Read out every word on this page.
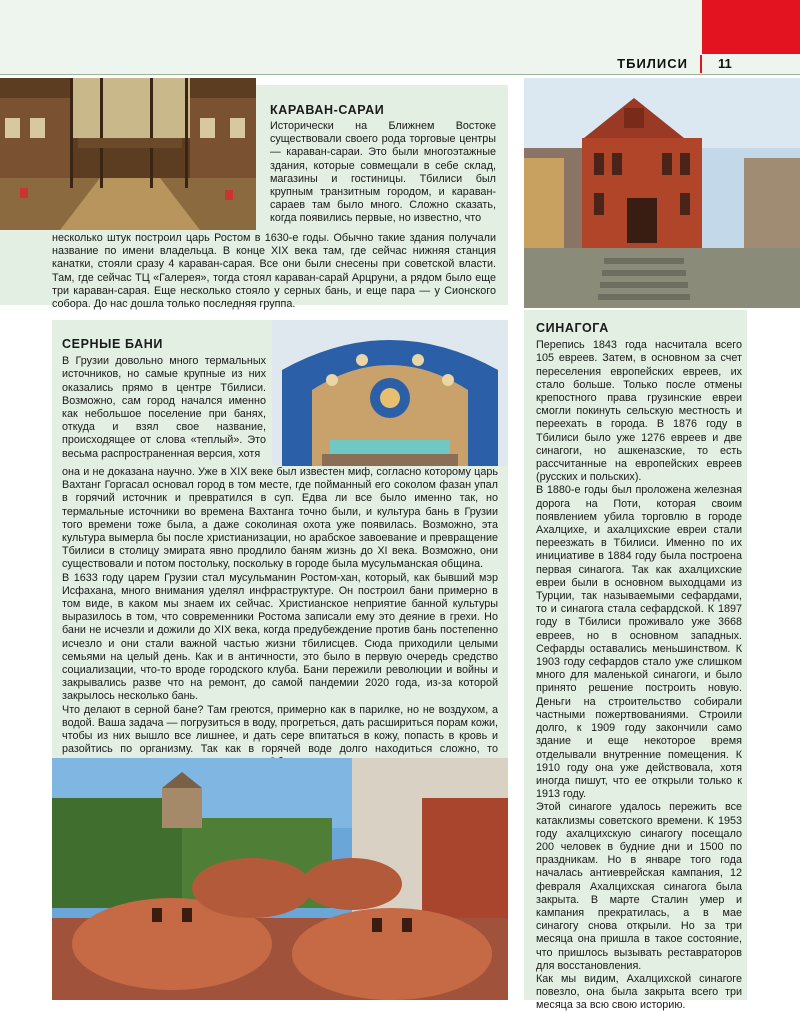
ТБИЛИСИ 11
КАРАВАН-САРАИ

Исторически на Ближнем Востоке существовали своего рода торговые центры — караван-сараи. Это были многоэтажные здания, которые совмещали в себе склад, магазины и гостиницы. Тбилиси был крупным транзитным городом, и караван-сараев там было много. Сложно сказать, когда появились первые, но известно, что

несколько штук построил царь Ростом в 1630-е годы. Обычно такие здания получали название по имени владельца. В конце XIX века там, где сейчас нижняя станция канатки, стояли сразу 4 караван-сарая. Все они были снесены при советской власти. Там, где сейчас ТЦ «Галерея», тогда стоял караван-сарай Арцруни, а рядом было еще три караван-сарая. Еще несколько стояло у серных бань, и еще пара — у Сионского собора. До нас дошла только последняя группа.

СЕРНЫЕ БАНИ

В Грузии довольно много термальных источников, но самые крупные из них оказались прямо в центре Тбилиси. Возможно, сам город начался именно как небольшое поселение при банях, откуда и взял свое название, происходящее от слова «теплый». Это весьма распространенная версия, хотя

она и не доказана научно. Уже в XIX веке был известен миф, согласно которому царь Вахтанг Горгасал основал город в том месте, где пойманный его соколом фазан упал в горячий источник и превратился в суп. Едва ли все было именно так, но термальные источники во времена Вахтанга точно были, и культура бань в Грузии того времени тоже была, а даже соколиная охота уже появилась. Возможно, эта культура вымерла бы после христианизации, но арабское завоевание и превращение Тбилиси в столицу эмирата явно продлило баням жизнь до XI века. Возможно, они существовали и потом постольку, поскольку в городе была мусульманская община.

В 1633 году царем Грузии стал мусульманин Ростом-хан, который, как бывший мэр Исфахана, много внимания уделял инфраструктуре. Он построил бани примерно в том виде, в каком мы знаем их сейчас. Христианское неприятие банной культуры выразилось в том, что современники Ростома записали ему это деяние в грехи. Но бани не исчезли и дожили до XIX века, когда предубеждение против бань постепенно исчезло и они стали важной частью жизни тбилисцев. Сюда приходили целыми семьями на целый день. Как и в античности, это было в первую очередь средство социализации, что-то вроде городского клуба. Бани пережили революции и войны и закрывались разве что на ремонт, до самой пандемии 2020 года, из-за которой закрылось несколько бань.

Что делают в серной бане? Там греются, примерно как в парилке, но не воздухом, а водой. Ваша задача — погрузиться в воду, прогреться, дать расшириться порам кожи, чтобы из них вышло все лишнее, и дать сере впитаться в кожу, попасть в кровь и разойтись по организму. Так как в горячей воде долго находиться сложно, то

СИНАГОГА

Перепись 1843 года насчитала всего 105 евреев. Затем, в основном за счет переселения европейских евреев, их стало больше. Только после отмены крепостного права грузинские евреи смогли покинуть сельскую местность и переехать в города. В 1876 году в Тбилиси было уже 1276 евреев и две синагоги, но ашкеназские, то есть рассчитанные на европейских евреев (русских и польских).

В 1880-е годы был проложена железная дорога на Поти, которая своим появлением убила торговлю в городе Ахалцихе, и ахалцихские евреи стали переезжать в Тбилиси. Именно по их инициативе в 1884 году была построена первая синагога. Так как ахалцихские евреи были в основном выходцами из Турции, так называемыми сефардами, то и синагога стала сефардской. К 1897 году в Тбилиси проживало уже 3668 евреев, но в основном западных. Сефарды оставались меньшинством. К 1903 году сефардов стало уже слишком много для маленькой синагоги, и было принято решение построить новую. Деньги на строительство собирали частными пожертвованиями. Строили долго, к 1909 году закончили само здание и еще некоторое время отделывали внутренние помещения. К 1910 году она уже действовала, хотя иногда пишут, что ее открыли только к 1913 году.

Этой синагоге удалось пережить все катаклизмы советского времени. К 1953 году ахалцихскую синагогу посещало 200 человек в будние дни и 1500 по праздникам. Но в январе того года началась антиеврейская кампания, 12 февраля Ахалцихская синагога была закрыта. В марте Сталин умер и кампания прекратилась, а в мае синагогу снова открыли. Но за три месяца она пришла в такое состояние, что пришлось вызывать реставраторов для восстановления.

Как мы видим, Ахалцихской синагоге повезло, она была закрыта всего три месяца за всю свою историю.
